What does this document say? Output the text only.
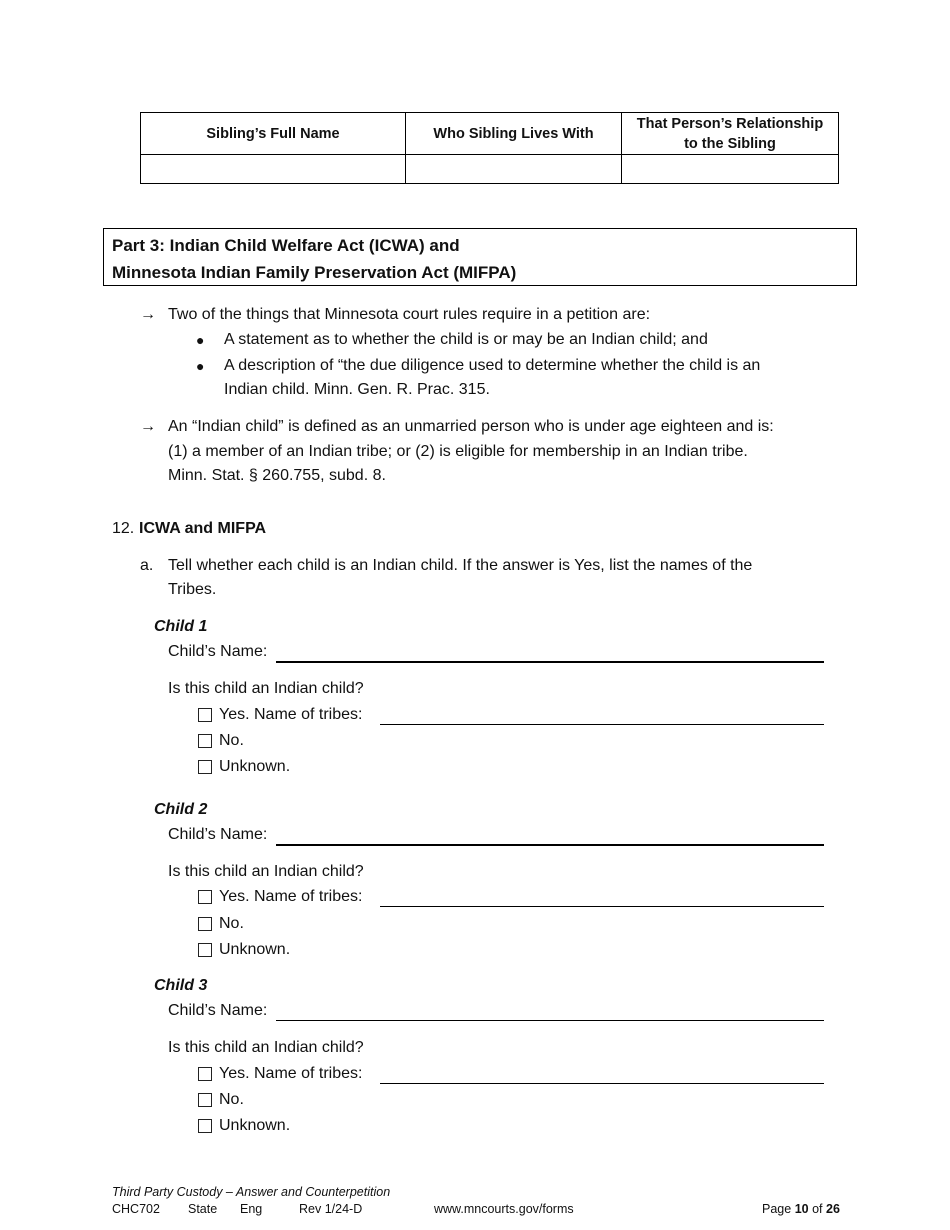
Sibling’s Full Name	Who Sibling Lives With	That Person’s Relationship to the Sibling

Part 3: Indian Child Welfare Act (ICWA) and
Minnesota Indian Family Preservation Act (MIFPA)
→ Two of the things that Minnesota court rules require in a petition are:
● A statement as to whether the child is or may be an Indian child; and
● A description of “the due diligence used to determine whether the child is an
Indian child. Minn. Gen. R. Prac. 315.
→ An “Indian child” is defined as an unmarried person who is under age eighteen and is:
(1) a member of an Indian tribe; or (2) is eligible for membership in an Indian tribe.
Minn. Stat. § 260.755, subd. 8.
12. ICWA and MIFPA
a. Tell whether each child is an Indian child. If the answer is Yes, list the names of the
Tribes.
Child 1
Child’s Name:
Is this child an Indian child?
Yes. Name of tribes:
No.
Unknown.
Child 2
Child’s Name:
Is this child an Indian child?
Yes. Name of tribes:
No.
Unknown.
Child 3
Child’s Name:
Is this child an Indian child?
Yes. Name of tribes:
No.
Unknown.
Third Party Custody – Answer and Counterpetition
CHC702 State Eng	Rev 1/24-D	www.mncourts.gov/forms	Page 10 of 26
